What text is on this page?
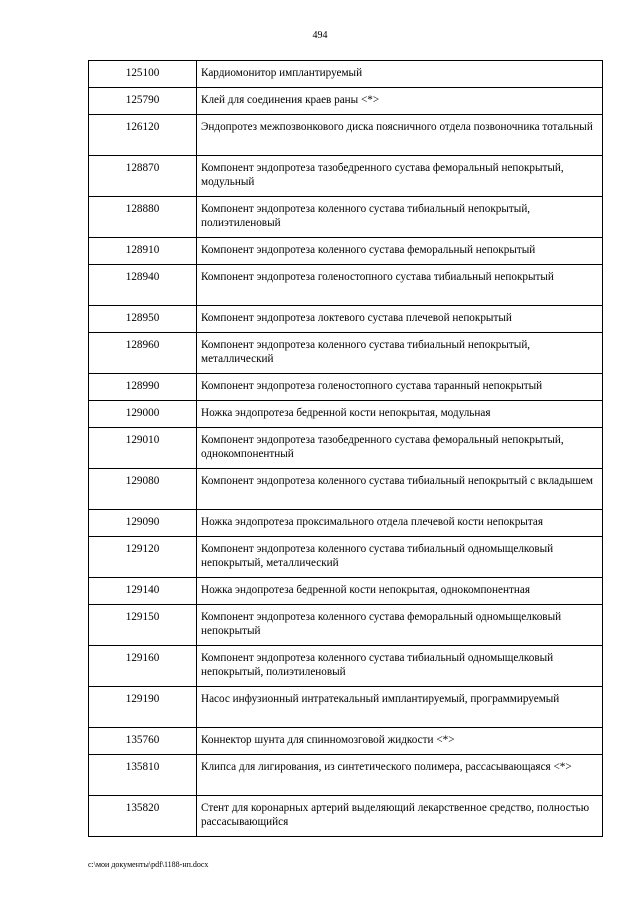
494
125100	Кардиомонитор имплантируемый
125790	Клей для соединения краев раны <*>
126120	Эндопротез межпозвонкового диска поясничного отдела позвоночника тотальный
128870	Компонент эндопротеза тазобедренного сустава феморальный непокрытый, модульный
128880	Компонент эндопротеза коленного сустава тибиальный непокрытый, полиэтиленовый
128910	Компонент эндопротеза коленного сустава феморальный непокрытый
128940	Компонент эндопротеза голеностопного сустава тибиальный непокрытый
128950	Компонент эндопротеза локтевого сустава плечевой непокрытый
128960	Компонент эндопротеза коленного сустава тибиальный непокрытый, металлический
128990	Компонент эндопротеза голеностопного сустава таранный непокрытый
129000	Ножка эндопротеза бедренной кости непокрытая, модульная
129010	Компонент эндопротеза тазобедренного сустава феморальный непокрытый, однокомпонентный
129080	Компонент эндопротеза коленного сустава тибиальный непокрытый с вкладышем
129090	Ножка эндопротеза проксимального отдела плечевой кости непокрытая
129120	Компонент эндопротеза коленного сустава тибиальный одномыщелковый непокрытый, металлический
129140	Ножка эндопротеза бедренной кости непокрытая, однокомпонентная
129150	Компонент эндопротеза коленного сустава феморальный одномыщелковый непокрытый
129160	Компонент эндопротеза коленного сустава тибиальный одномыщелковый непокрытый, полиэтиленовый
129190	Насос инфузионный интратекальный имплантируемый, программируемый
135760	Коннектор шунта для спинномозговой жидкости <*>
135810	Клипса для лигирования, из синтетического полимера, рассасывающаяся <*>
135820	Стент для коронарных артерий выделяющий лекарственное средство, полностью рассасывающийся
c:\мои документы\pdf\1188-нп.docx
